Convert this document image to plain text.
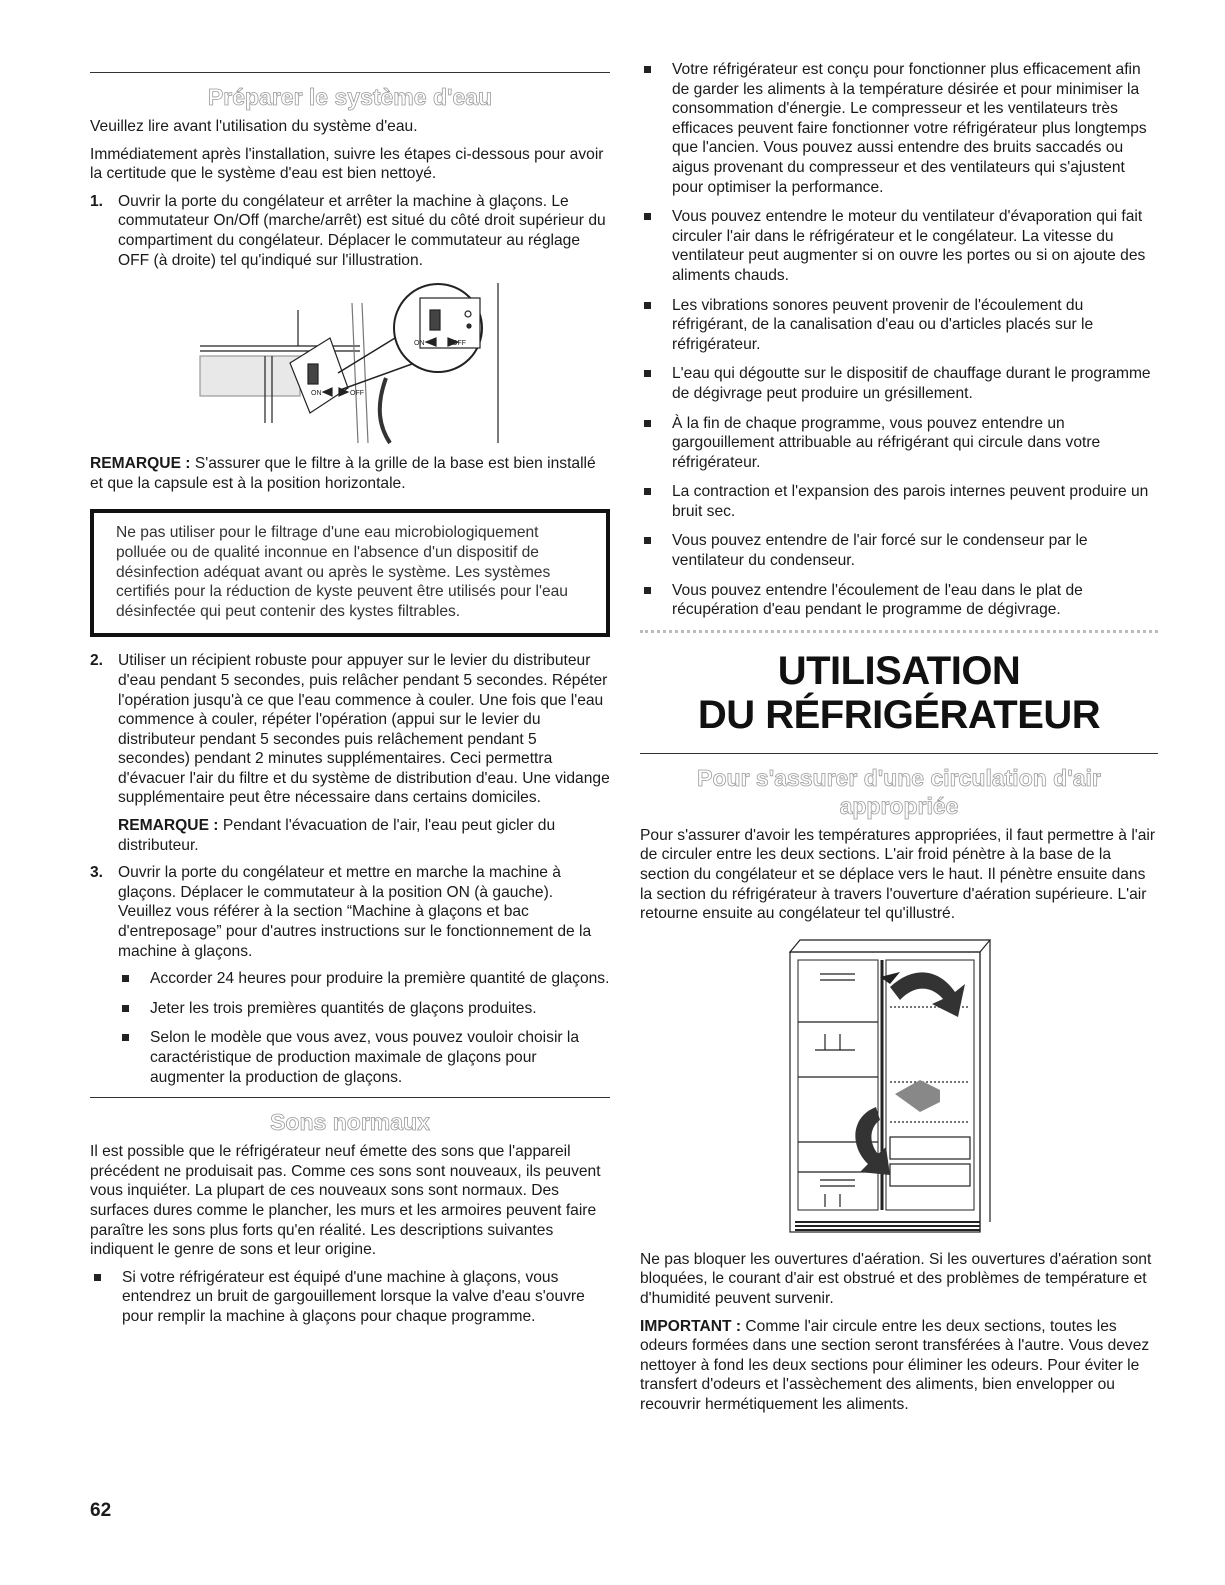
Préparer le système d'eau

Veuillez lire avant l'utilisation du système d'eau.

Immédiatement après l'installation, suivre les étapes ci-dessous pour avoir la certitude que le système d'eau est bien nettoyé.

1. Ouvrir la porte du congélateur et arrêter la machine à glaçons. Le commutateur On/Off (marche/arrêt) est situé du côté droit supérieur du compartiment du congélateur. Déplacer le commutateur au réglage OFF (à droite) tel qu'indiqué sur l'illustration.
ON	OFF
ON	OFF

REMARQUE : S'assurer que le filtre à la grille de la base est bien installé et que la capsule est à la position horizontale.

Ne pas utiliser pour le filtrage d'une eau microbiologiquement polluée ou de qualité inconnue en l'absence d'un dispositif de désinfection adéquat avant ou après le système. Les systèmes certifiés pour la réduction de kyste peuvent être utilisés pour l'eau désinfectée qui peut contenir des kystes filtrables.
2. Utiliser un récipient robuste pour appuyer sur le levier du distributeur d'eau pendant 5 secondes, puis relâcher pendant 5 secondes. Répéter l'opération jusqu'à ce que l'eau commence à couler. Une fois que l'eau commence à couler, répéter l'opération (appui sur le levier du distributeur pendant 5 secondes puis relâchement pendant 5 secondes) pendant 2 minutes supplémentaires. Ceci permettra d'évacuer l'air du filtre et du système de distribution d'eau. Une vidange supplémentaire peut être nécessaire dans certains domiciles.
REMARQUE : Pendant l'évacuation de l'air, l'eau peut gicler du distributeur.
3. Ouvrir la porte du congélateur et mettre en marche la machine à glaçons. Déplacer le commutateur à la position ON (à gauche). Veuillez vous référer à la section “Machine à glaçons et bac d'entreposage” pour d'autres instructions sur le fonctionnement de la machine à glaçons.
Accorder 24 heures pour produire la première quantité de glaçons.
Jeter les trois premières quantités de glaçons produites.
Selon le modèle que vous avez, vous pouvez vouloir choisir la caractéristique de production maximale de glaçons pour augmenter la production de glaçons.
Sons normaux

Il est possible que le réfrigérateur neuf émette des sons que l'appareil précédent ne produisait pas. Comme ces sons sont nouveaux, ils peuvent vous inquiéter. La plupart de ces nouveaux sons sont normaux. Des surfaces dures comme le plancher, les murs et les armoires peuvent faire paraître les sons plus forts qu'en réalité. Les descriptions suivantes indiquent le genre de sons et leur origine.

Si votre réfrigérateur est équipé d'une machine à glaçons, vous entendrez un bruit de gargouillement lorsque la valve d'eau s'ouvre pour remplir la machine à glaçons pour chaque programme.
Votre réfrigérateur est conçu pour fonctionner plus efficacement afin de garder les aliments à la température désirée et pour minimiser la consommation d'énergie. Le compresseur et les ventilateurs très efficaces peuvent faire fonctionner votre réfrigérateur plus longtemps que l'ancien. Vous pouvez aussi entendre des bruits saccadés ou aigus provenant du compresseur et des ventilateurs qui s'ajustent pour optimiser la performance.
Vous pouvez entendre le moteur du ventilateur d'évaporation qui fait circuler l'air dans le réfrigérateur et le congélateur. La vitesse du ventilateur peut augmenter si on ouvre les portes ou si on ajoute des aliments chauds.
Les vibrations sonores peuvent provenir de l'écoulement du réfrigérant, de la canalisation d'eau ou d'articles placés sur le réfrigérateur.
L'eau qui dégoutte sur le dispositif de chauffage durant le programme de dégivrage peut produire un grésillement.
À la fin de chaque programme, vous pouvez entendre un gargouillement attribuable au réfrigérant qui circule dans votre réfrigérateur.
La contraction et l'expansion des parois internes peuvent produire un bruit sec.
Vous pouvez entendre de l'air forcé sur le condenseur par le ventilateur du condenseur.
Vous pouvez entendre l'écoulement de l'eau dans le plat de récupération d'eau pendant le programme de dégivrage.
UTILISATION
DU RÉFRIGÉRATEUR
Pour s'assurer d'une circulation d'air appropriée

Pour s'assurer d'avoir les températures appropriées, il faut permettre à l'air de circuler entre les deux sections. L'air froid pénètre à la base de la section du congélateur et se déplace vers le haut. Il pénètre ensuite dans la section du réfrigérateur à travers l'ouverture d'aération supérieure. L'air retourne ensuite au congélateur tel qu'illustré.

Ne pas bloquer les ouvertures d'aération. Si les ouvertures d'aération sont bloquées, le courant d'air est obstrué et des problèmes de température et d'humidité peuvent survenir.

IMPORTANT : Comme l'air circule entre les deux sections, toutes les odeurs formées dans une section seront transférées à l'autre. Vous devez nettoyer à fond les deux sections pour éliminer les odeurs. Pour éviter le transfert d'odeurs et l'assèchement des aliments, bien envelopper ou recouvrir hermétiquement les aliments.

62
